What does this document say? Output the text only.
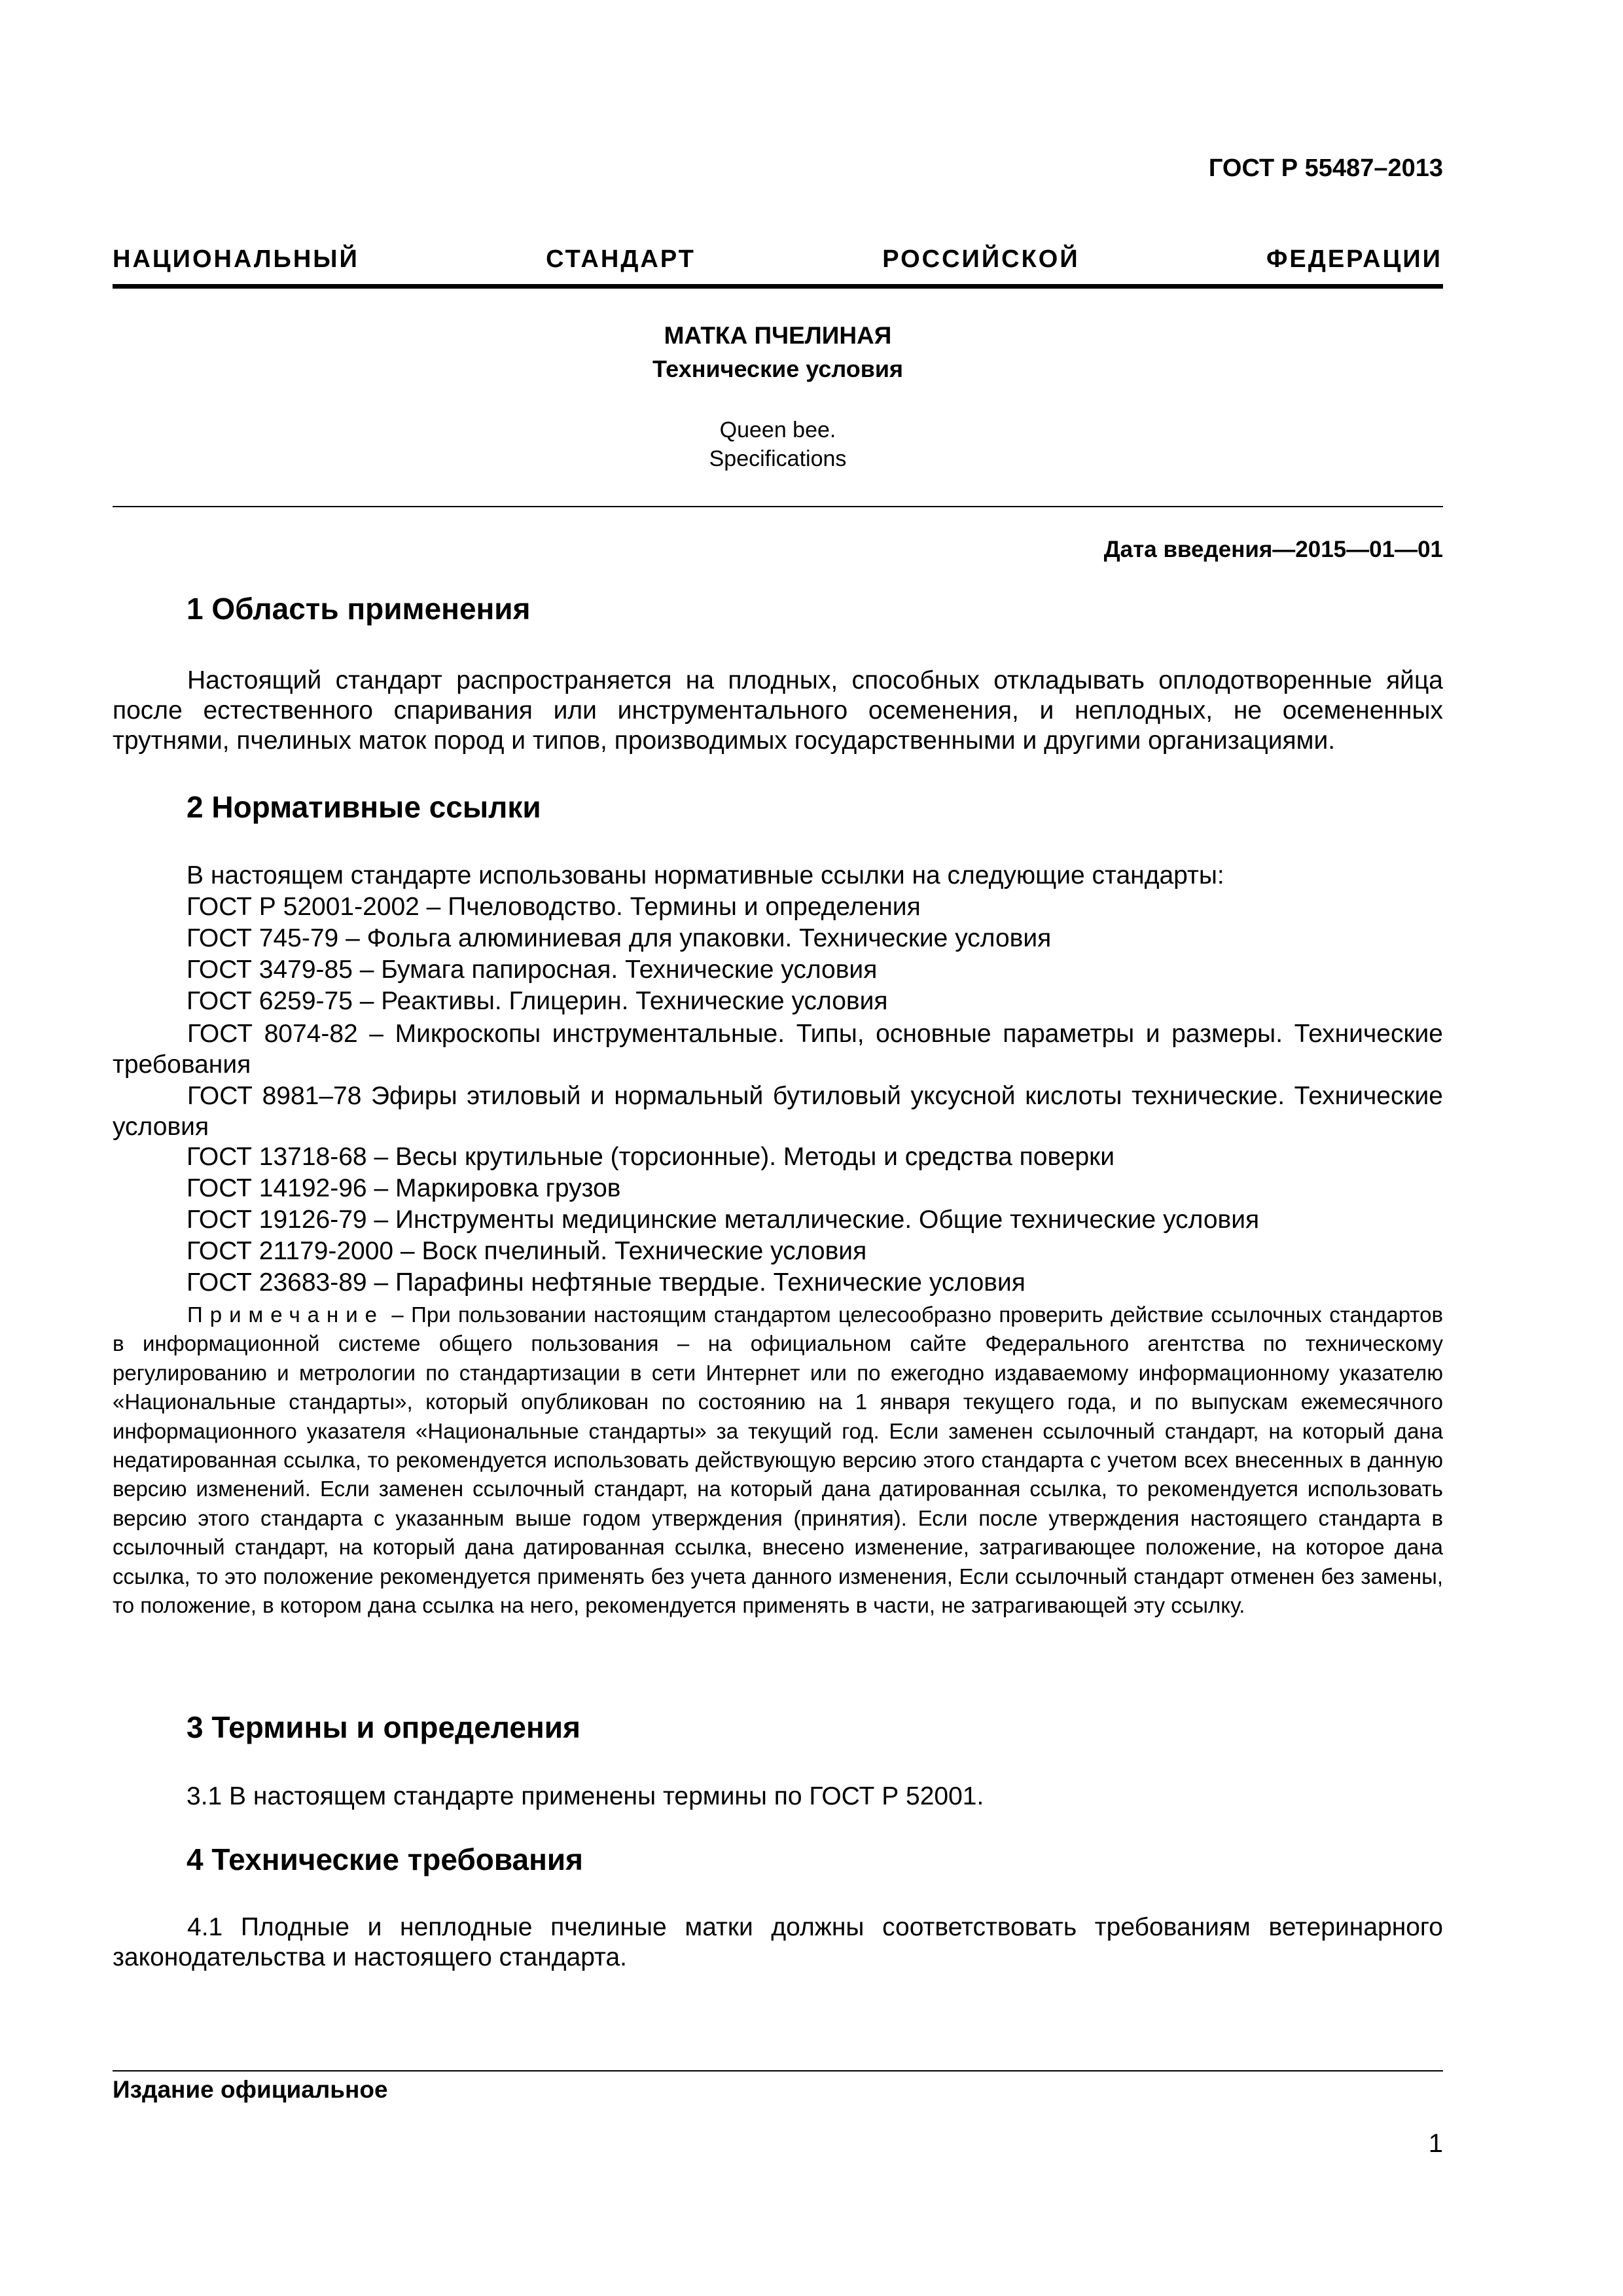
ГОСТ Р 55487–2013
НАЦИОНАЛЬНЫЙ СТАНДАРТ РОССИЙСКОЙ ФЕДЕРАЦИИ
МАТКА ПЧЕЛИНАЯ
Технические условия
Queen bee.
Specifications
Дата введения—2015—01—01
1 Область применения
Настоящий стандарт распространяется на плодных, способных откладывать оплодотворенные яйца после естественного спаривания или инструментального осеменения, и неплодных, не осемененных трутнями, пчелиных маток пород и типов, производимых государственными и другими организациями.
2 Нормативные ссылки
В настоящем стандарте использованы нормативные ссылки на следующие стандарты:
ГОСТ Р 52001-2002 – Пчеловодство. Термины и определения
ГОСТ 745-79 – Фольга алюминиевая для упаковки. Технические условия
ГОСТ 3479-85 – Бумага папиросная. Технические условия
ГОСТ 6259-75 – Реактивы. Глицерин. Технические условия
ГОСТ 8074-82 – Микроскопы инструментальные. Типы, основные параметры и размеры. Технические требования
ГОСТ 8981–78 Эфиры этиловый и нормальный бутиловый уксусной кислоты технические. Технические условия
ГОСТ 13718-68 – Весы крутильные (торсионные). Методы и средства поверки
ГОСТ 14192-96 – Маркировка грузов
ГОСТ 19126-79 – Инструменты медицинские металлические. Общие технические условия
ГОСТ 21179-2000 – Воск пчелиный. Технические условия
ГОСТ 23683-89 – Парафины нефтяные твердые. Технические условия
Примечание – При пользовании настоящим стандартом целесообразно проверить действие ссылочных стандартов в информационной системе общего пользования – на официальном сайте Федерального агентства по техническому регулированию и метрологии по стандартизации в сети Интернет или по ежегодно издаваемому информационному указателю «Национальные стандарты», который опубликован по состоянию на 1 января текущего года, и по выпускам ежемесячного информационного указателя «Национальные стандарты» за текущий год. Если заменен ссылочный стандарт, на который дана недатированная ссылка, то рекомендуется использовать действующую версию этого стандарта с учетом всех внесенных в данную версию изменений. Если заменен ссылочный стандарт, на который дана датированная ссылка, то рекомендуется использовать версию этого стандарта с указанным выше годом утверждения (принятия). Если после утверждения настоящего стандарта в ссылочный стандарт, на который дана датированная ссылка, внесено изменение, затрагивающее положение, на которое дана ссылка, то это положение рекомендуется применять без учета данного изменения, Если ссылочный стандарт отменен без замены, то положение, в котором дана ссылка на него, рекомендуется применять в части, не затрагивающей эту ссылку.
3 Термины и определения
3.1 В настоящем стандарте применены термины по ГОСТ Р 52001.
4 Технические требования
4.1 Плодные и неплодные пчелиные матки должны соответствовать требованиям ветеринарного законодательства и настоящего стандарта.
Издание официальное
1
